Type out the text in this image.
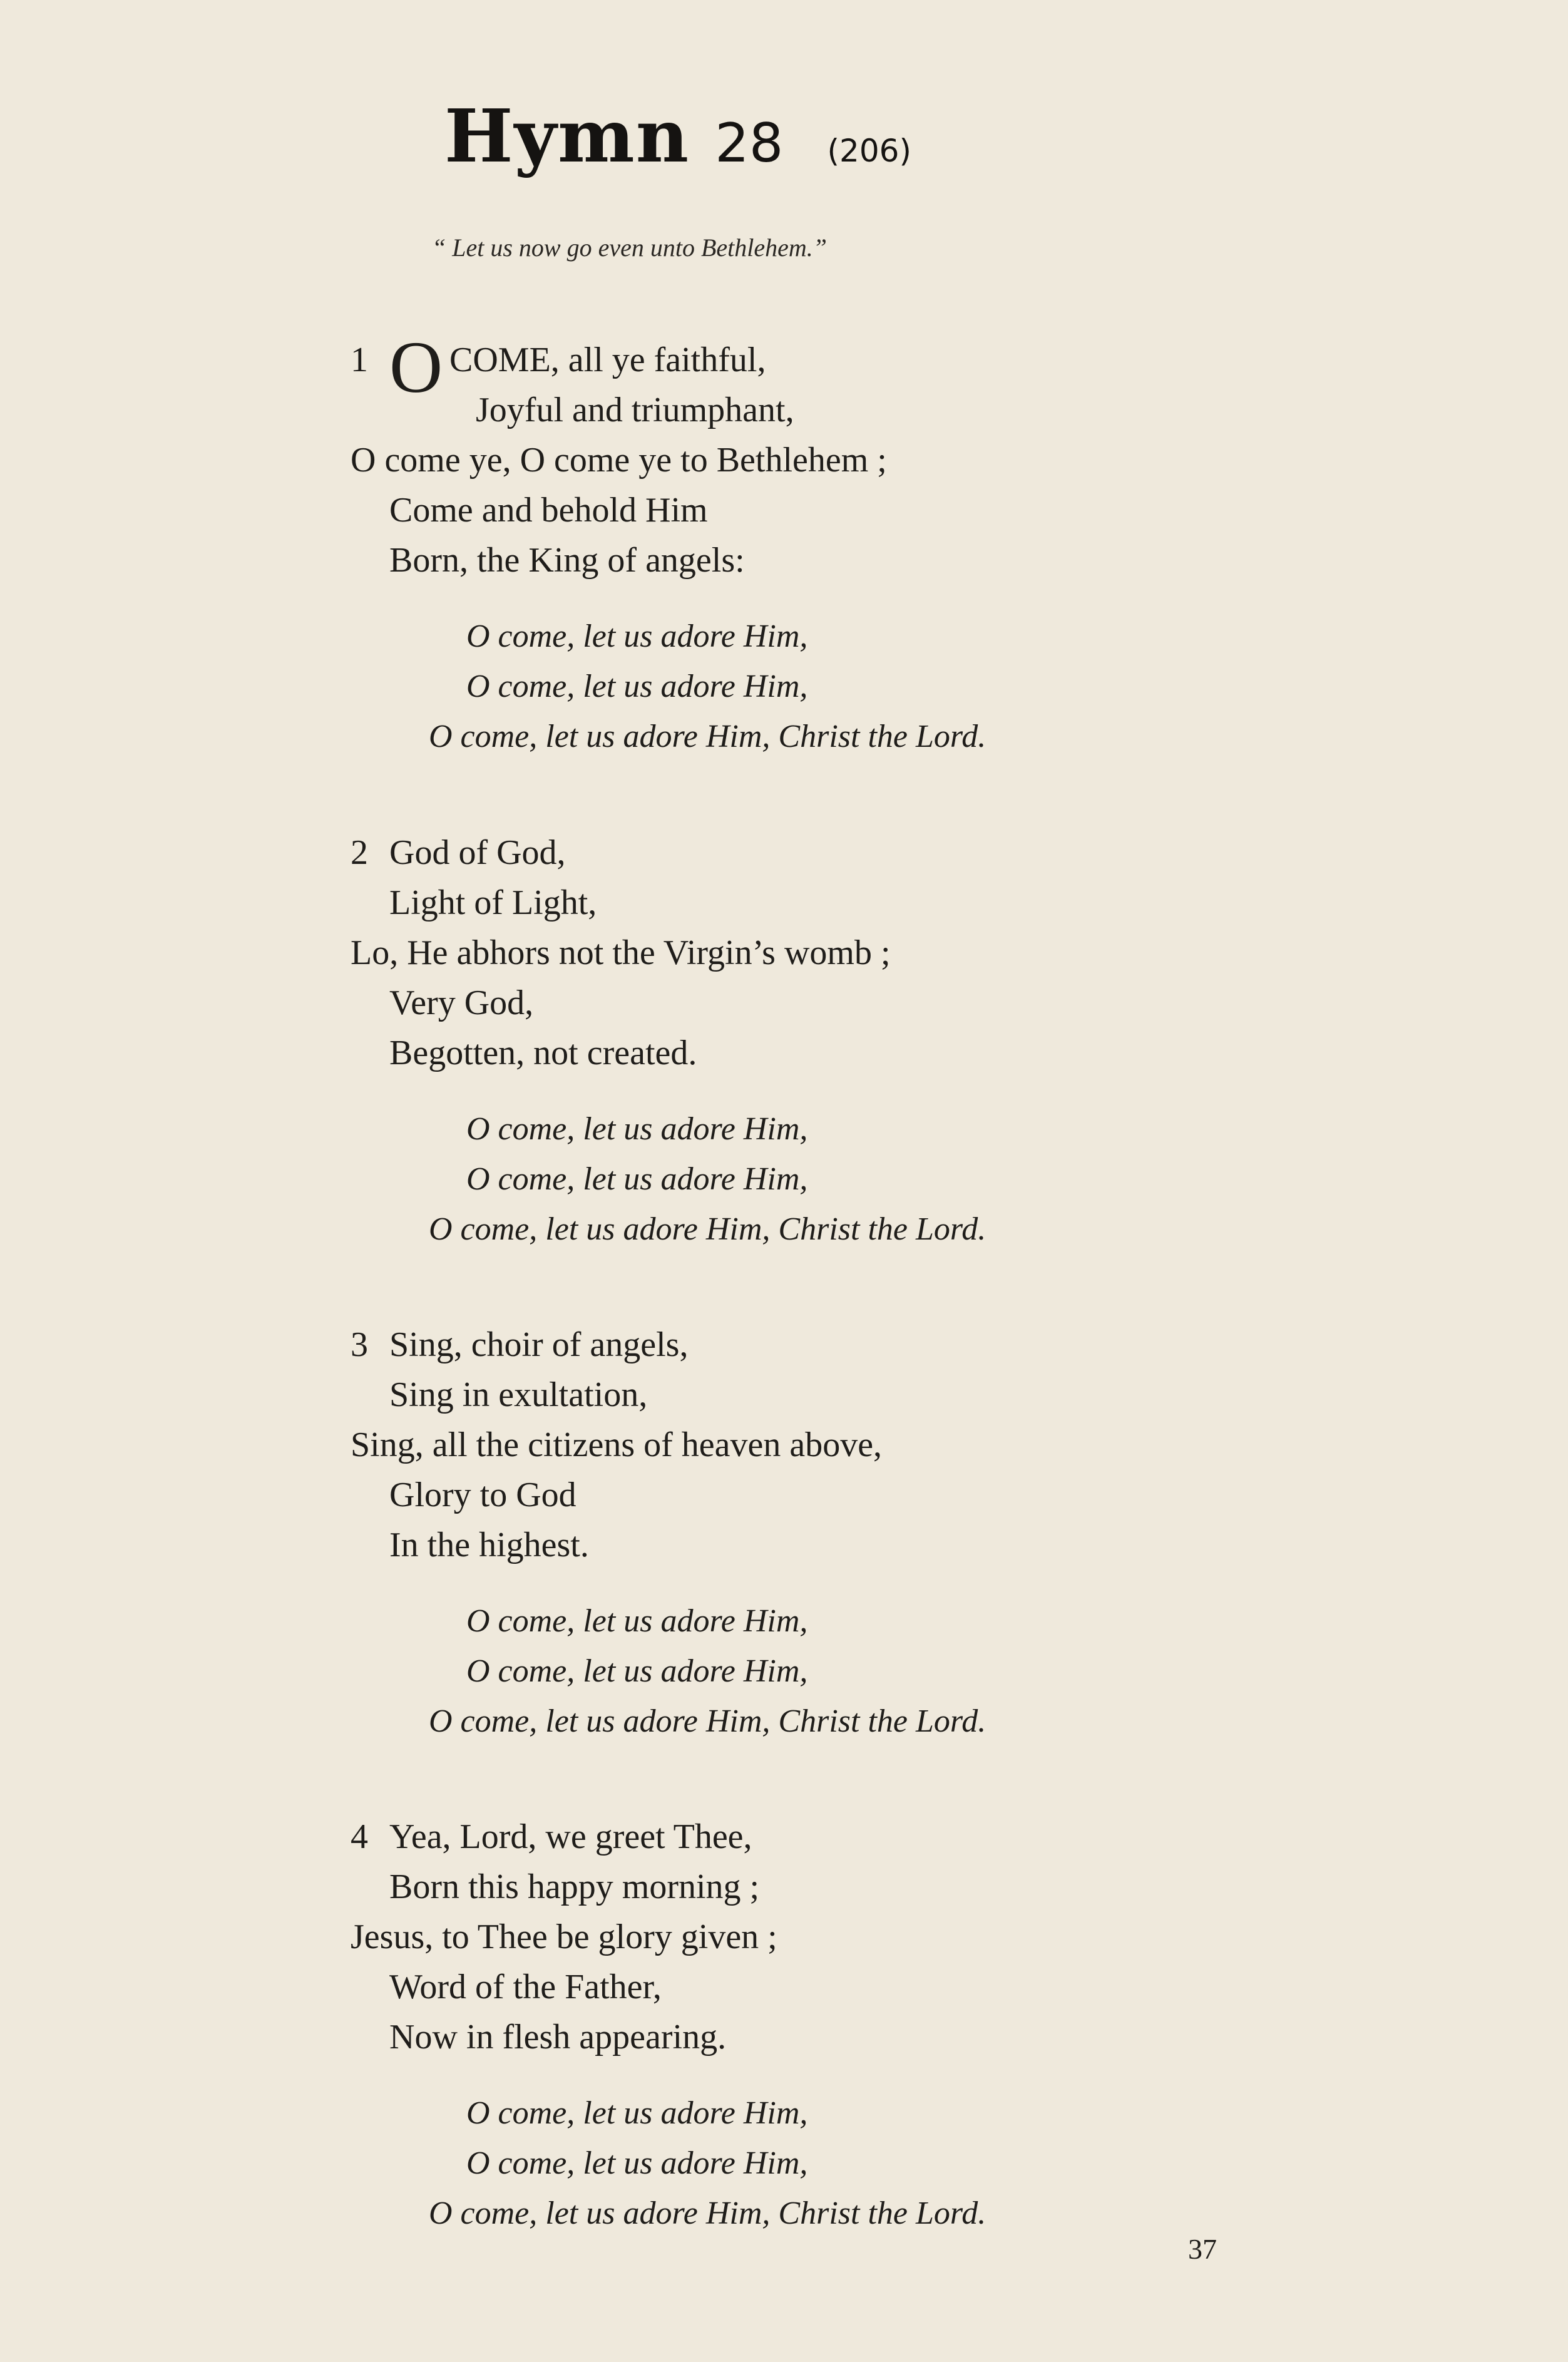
Hymn 28 (206)
“ Let us now go even unto Bethlehem.”
1 O COME, all ye faithful,
Joyful and triumphant,
O come ye, O come ye to Bethlehem ;
Come and behold Him
Born, the King of angels:
O come, let us adore Him,
O come, let us adore Him,
O come, let us adore Him, Christ the Lord.
2 God of God,
Light of Light,
Lo, He abhors not the Virgin’s womb ;
Very God,
Begotten, not created.
O come, let us adore Him,
O come, let us adore Him,
O come, let us adore Him, Christ the Lord.
3 Sing, choir of angels,
Sing in exultation,
Sing, all the citizens of heaven above,
Glory to God
In the highest.
O come, let us adore Him,
O come, let us adore Him,
O come, let us adore Him, Christ the Lord.
4 Yea, Lord, we greet Thee,
Born this happy morning ;
Jesus, to Thee be glory given ;
Word of the Father,
Now in flesh appearing.
O come, let us adore Him,
O come, let us adore Him,
O come, let us adore Him, Christ the Lord.
37
